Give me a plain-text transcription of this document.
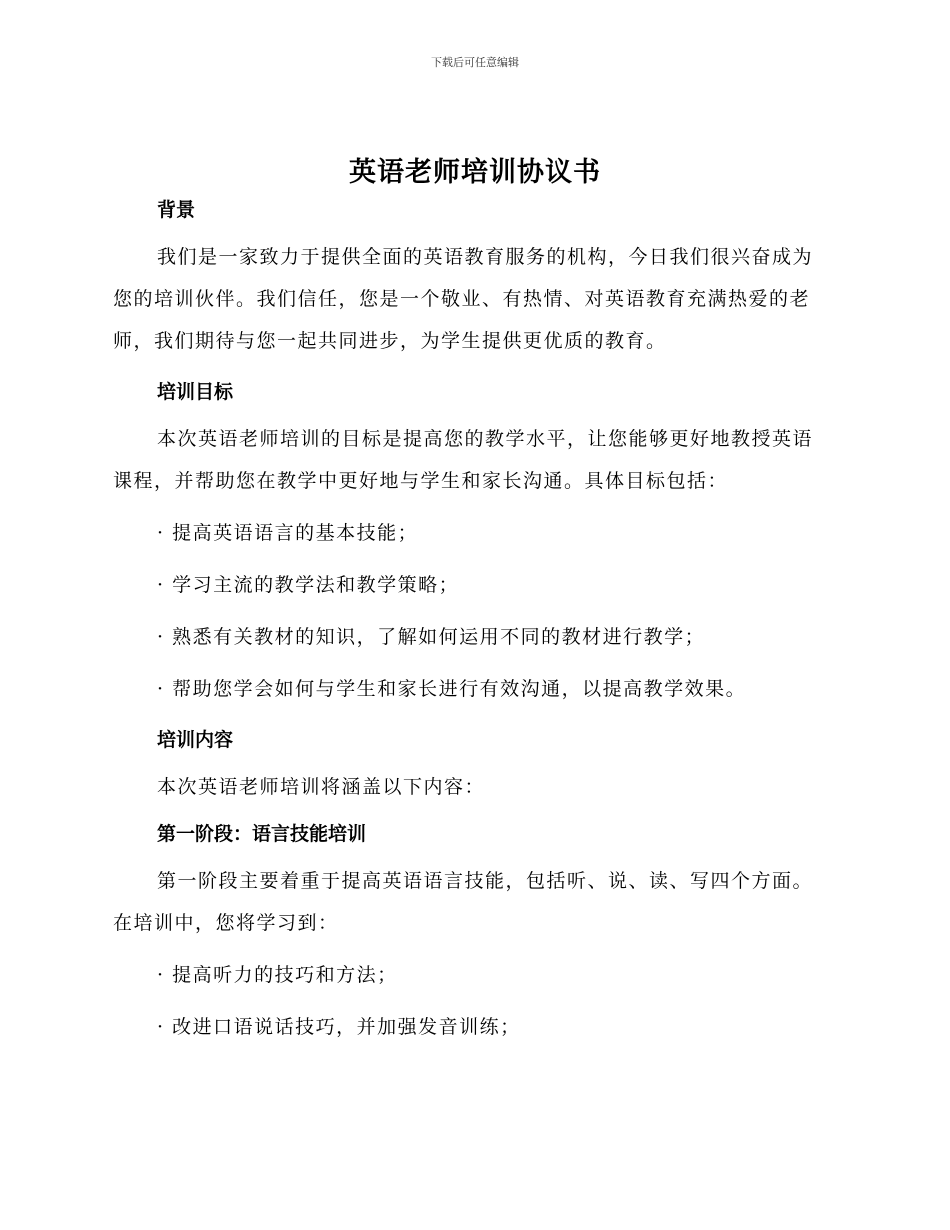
下载后可任意编辑
英语老师培训协议书

背景

我们是一家致力于提供全面的英语教育服务的机构，今日我们很兴奋成为您的培训伙伴。我们信任，您是一个敬业、有热情、对英语教育充满热爱的老师，我们期待与您一起共同进步，为学生提供更优质的教育。

培训目标

本次英语老师培训的目标是提高您的教学水平，让您能够更好地教授英语课程，并帮助您在教学中更好地与学生和家长沟通。具体目标包括：

· 提高英语语言的基本技能；

· 学习主流的教学法和教学策略；

· 熟悉有关教材的知识，了解如何运用不同的教材进行教学；

· 帮助您学会如何与学生和家长进行有效沟通，以提高教学效果。

培训内容

本次英语老师培训将涵盖以下内容：

第一阶段：语言技能培训

第一阶段主要着重于提高英语语言技能，包括听、说、读、写四个方面。在培训中，您将学习到：

· 提高听力的技巧和方法；

· 改进口语说话技巧，并加强发音训练；
